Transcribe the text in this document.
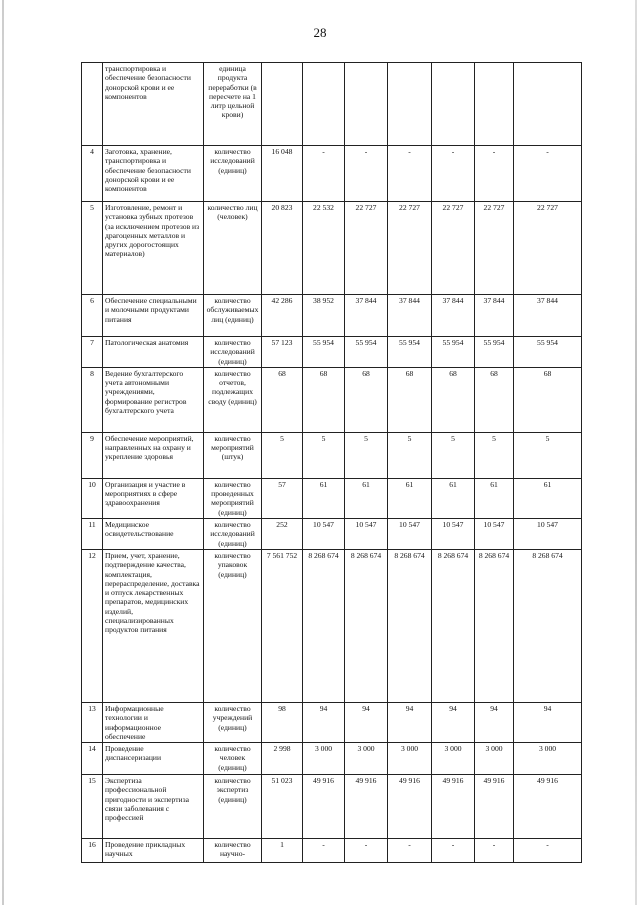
28
	транспортировка и обеспечение безопасности донорской крови и ее компонентов	единица продукта переработки (в пересчете на 1 литр цельной крови)							
4	Заготовка, хранение, транспортировка и обеспечение безопасности донорской крови и ее компонентов	количество исследований (единиц)	16 048	-	-	-	-	-	-
5	Изготовление, ремонт и установка зубных протезов (за исключением протезов из драгоценных металлов и других дорогостоящих материалов)	количество лиц (человек)	20 823	22 532	22 727	22 727	22 727	22 727	22 727
6	Обеспечение специальными и молочными продуктами питания	количество обслуживаемых лиц (единиц)	42 286	38 952	37 844	37 844	37 844	37 844	37 844
7	Патологическая анатомия	количество исследований (единиц)	57 123	55 954	55 954	55 954	55 954	55 954	55 954
8	Ведение бухгалтерского учета автономными учреждениями, формирование регистров бухгалтерского учета	количество отчетов, подлежащих своду (единиц)	68	68	68	68	68	68	68
9	Обеспечение мероприятий, направленных на охрану и укрепление здоровья	количество мероприятий (штук)	5	5	5	5	5	5	5
10	Организация и участие в мероприятиях в сфере здравоохранения	количество проведенных мероприятий (единиц)	57	61	61	61	61	61	61
11	Медицинское освидетельствование	количество исследований (единиц)	252	10 547	10 547	10 547	10 547	10 547	10 547
12	Прием, учет, хранение, подтверждение качества, комплектация, перераспределение, доставка и отпуск лекарственных препаратов, медицинских изделий, специализированных продуктов питания	количество упаковок (единиц)	7 561 752	8 268 674	8 268 674	8 268 674	8 268 674	8 268 674	8 268 674
13	Информационные технологии и информационное обеспечение	количество учреждений (единиц)	98	94	94	94	94	94	94
14	Проведение диспансеризации	количество человек (единиц)	2 998	3 000	3 000	3 000	3 000	3 000	3 000
15	Экспертиза профессиональной пригодности и экспертиза связи заболевания с профессией	количество экспертиз (единиц)	51 023	49 916	49 916	49 916	49 916	49 916	49 916
16	Проведение прикладных научных	количество научно-	1	-	-	-	-	-	-
